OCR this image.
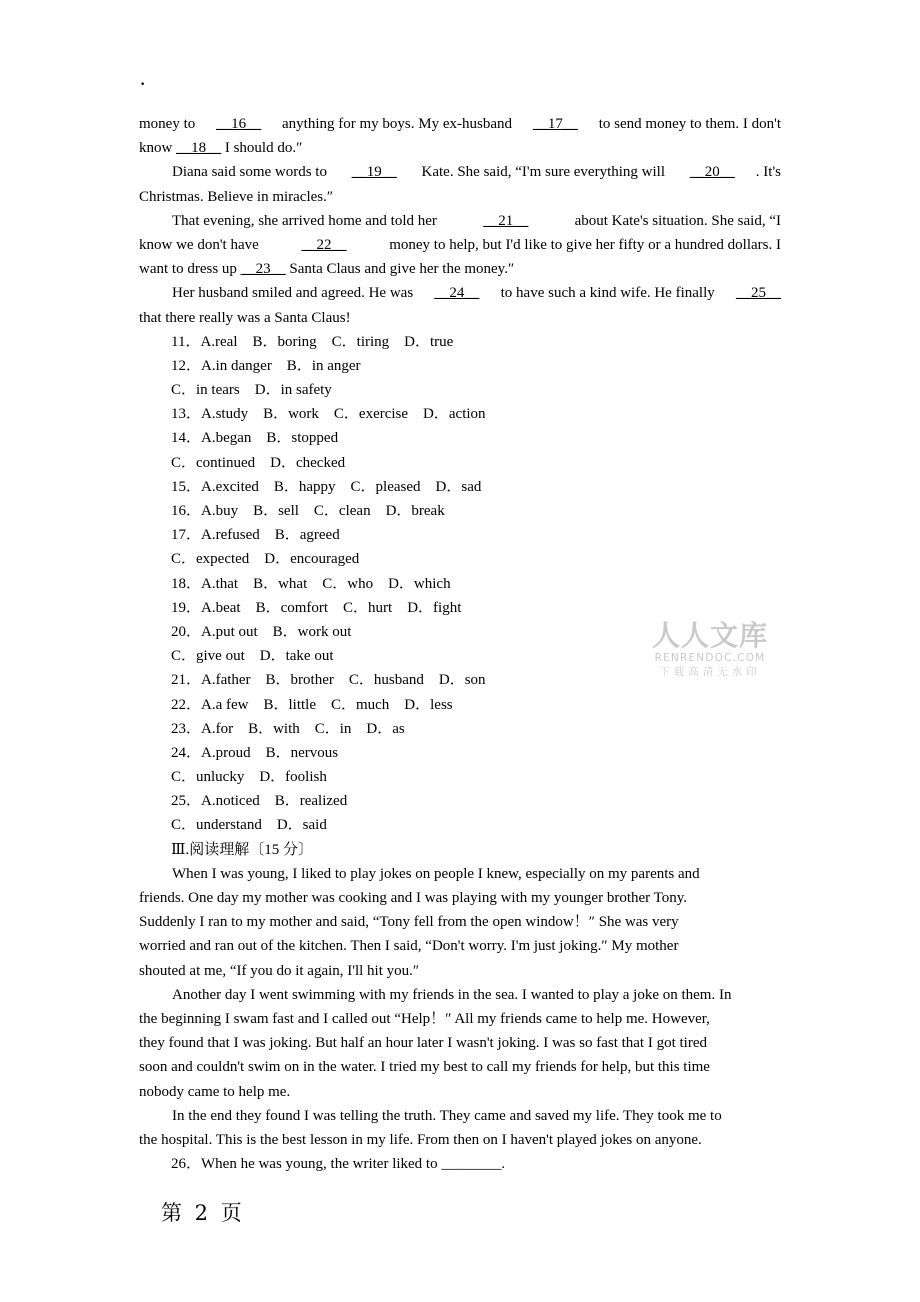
·
money to __16__ anything for my boys. My ex-husband __17__ to send money to them. I don't
know __18__ I should do.″
Diana said some words to __19__ Kate. She said, “I'm sure everything will __20__ . It's
Christmas. Believe in miracles.″
That evening, she arrived home and told her	__21__	about Kate's situation. She said, “I
know we don't have	__22__	money to help, but I'd like to give her fifty or a hundred dollars. I
want to dress up __23__ Santa Claus and give her the money.″
Her husband smiled and agreed. He was __24__ to have such a kind wife. He finally __25__
that there really was a Santa Claus!
11．A.real　B．boring　C．tiring　D．true
12．A.in danger　B．in anger
C．in tears　D．in safety
13．A.study　B．work　C．exercise　D．action
14．A.began　B．stopped
C．continued　D．checked
15．A.excited　B．happy　C．pleased　D．sad
16．A.buy　B．sell　C．clean　D．break
17．A.refused　B．agreed
C．expected　D．encouraged
18．A.that　B．what　C．who　D．which
19．A.beat　B．comfort　C．hurt　D．fight
20．A.put out　B．work out
C．give out　D．take out
21．A.father　B．brother　C．husband　D．son
22．A.a few　B．little　C．much　D．less
23．A.for　B．with　C．in　D．as
24．A.proud　B．nervous
C．unlucky　D．foolish
25．A.noticed　B．realized
C．understand　D．said
Ⅲ.阅读理解〔15 分〕
When I was young, I liked to play jokes on people I knew, especially on my parents and
friends. One day my mother was cooking and I was playing with my younger brother Tony.
Suddenly I ran to my mother and said, “Tony fell from the open window！″ She was very
worried and ran out of the kitchen. Then I said, “Don't worry. I'm just joking.″ My mother
shouted at me, “If you do it again, I'll hit you.″
Another day I went swimming with my friends in the sea. I wanted to play a joke on them. In
the beginning I swam fast and I called out “Help！″ All my friends came to help me. However,
they found that I was joking. But half an hour later I wasn't joking. I was so fast that I got tired
soon and couldn't swim on in the water. I tried my best to call my friends for help, but this time
nobody came to help me.
In the end they found I was telling the truth. They came and saved my life. They took me to
the hospital. This is the best lesson in my life. From then on I haven't played jokes on anyone.
26．When he was young, the writer liked to ________.
第 2 页
人人文库
RENRENDOC.COM
下载高清无水印
